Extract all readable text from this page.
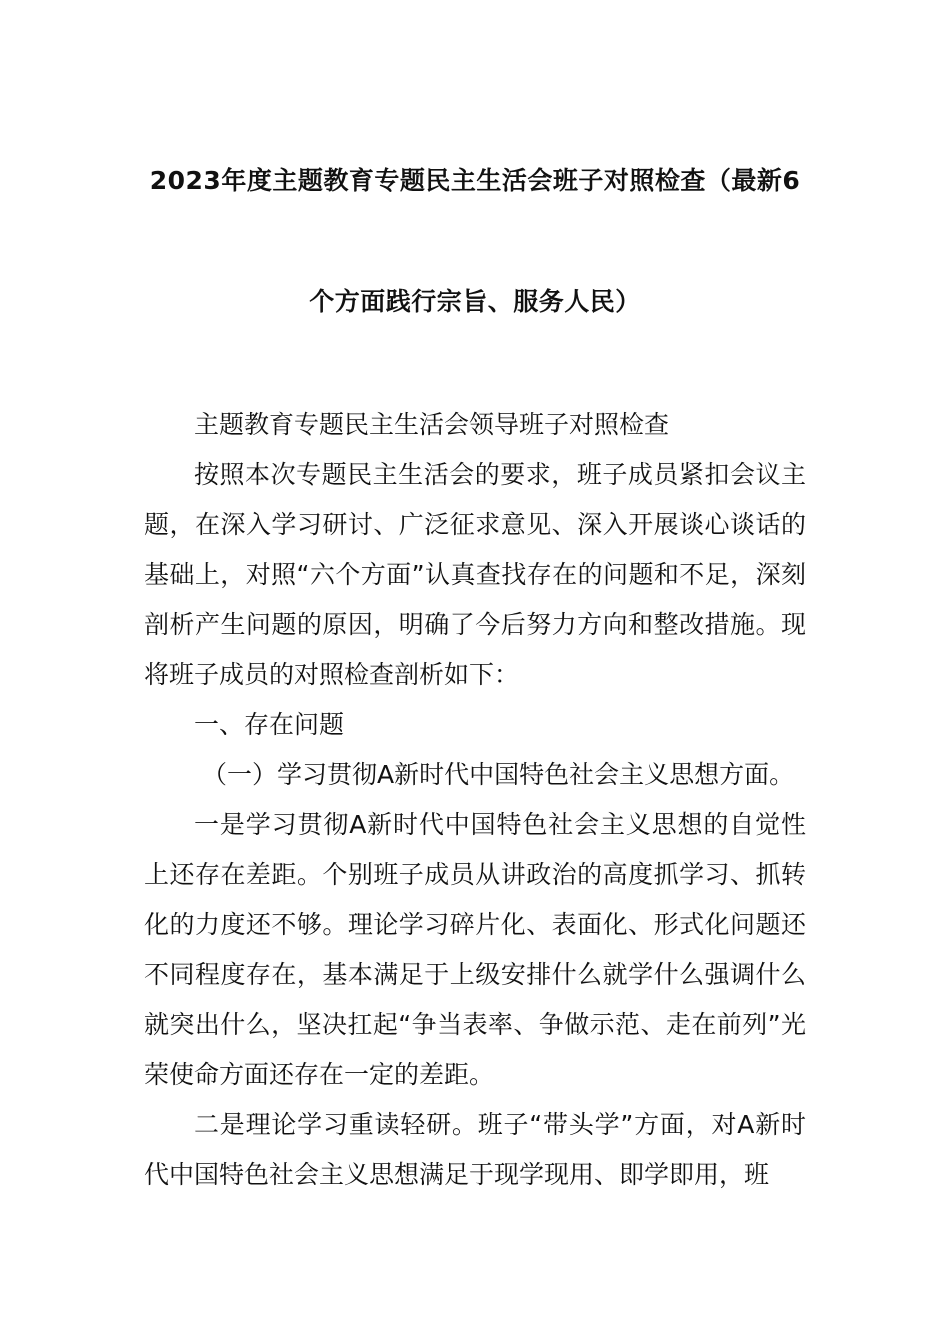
2023年度主题教育专题民主生活会班子对照检查（最新6
个方面践行宗旨、服务人民）

主题教育专题民主生活会领导班子对照检查

按照本次专题民主生活会的要求，班子成员紧扣会议主题，在深入学习研讨、广泛征求意见、深入开展谈心谈话的基础上，对照“六个方面”认真查找存在的问题和不足，深刻剖析产生问题的原因，明确了今后努力方向和整改措施。现将班子成员的对照检查剖析如下：

一、存在问题

（一）学习贯彻A新时代中国特色社会主义思想方面。

一是学习贯彻A新时代中国特色社会主义思想的自觉性上还存在差距。个别班子成员从讲政治的高度抓学习、抓转化的力度还不够。理论学习碎片化、表面化、形式化问题还不同程度存在，基本满足于上级安排什么就学什么强调什么就突出什么，坚决扛起“争当表率、争做示范、走在前列”光荣使命方面还存在一定的差距。

二是理论学习重读轻研。班子“带头学”方面，对A新时代中国特色社会主义思想满足于现学现用、即学即用，班
